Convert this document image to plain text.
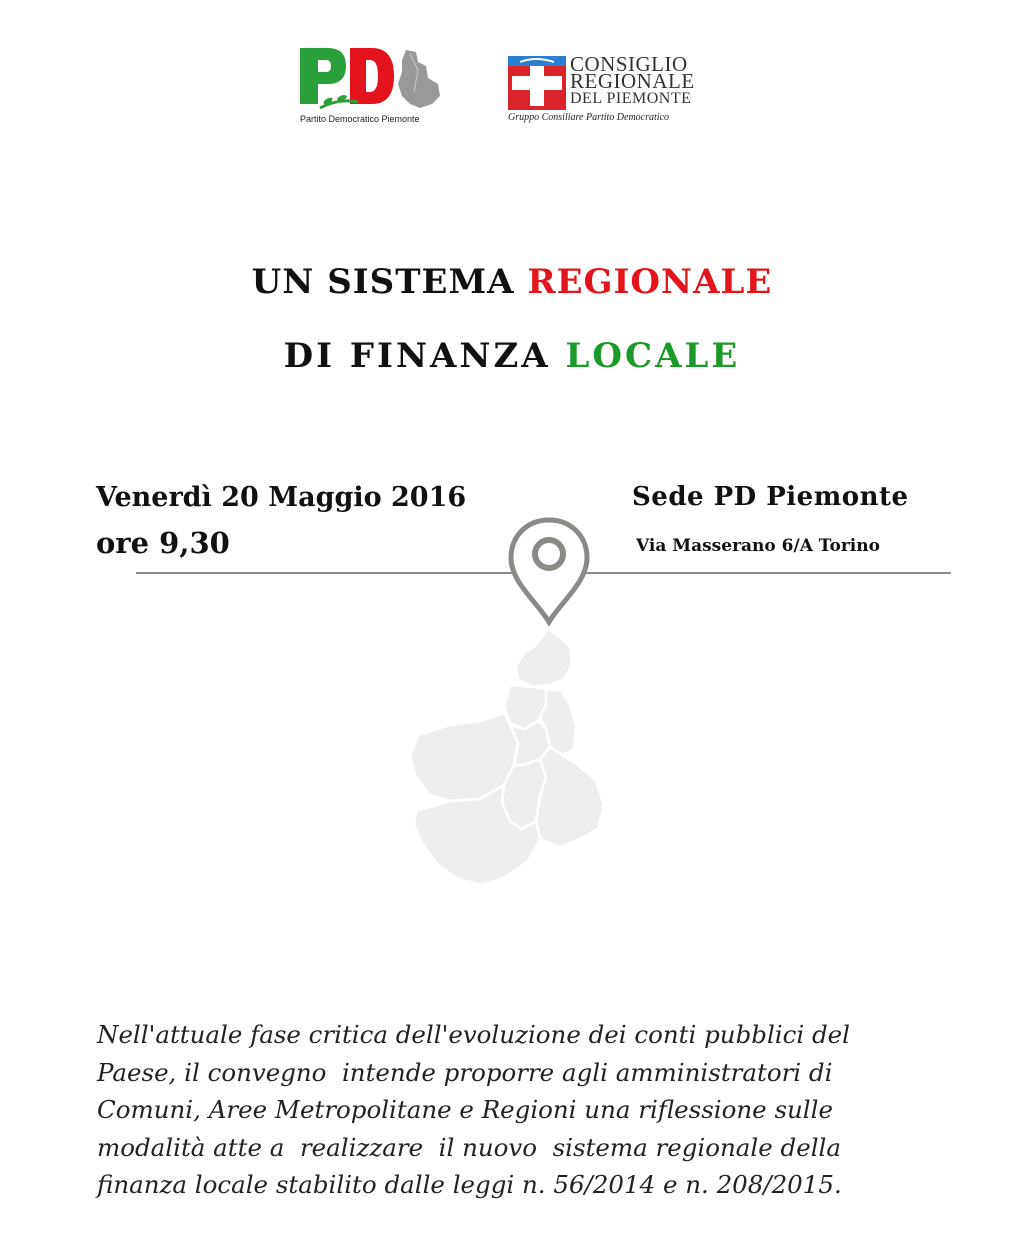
Partito Democratico Piemonte
CONSIGLIO
REGIONALE
DEL PIEMONTE
Gruppo Consiliare Partito Democratico
UN SISTEMA REGIONALE
DI FINANZA LOCALE
Venerdì 20 Maggio 2016
ore 9,30
Sede PD Piemonte
Via Masserano 6/A Torino
Nell'attuale fase critica dell'evoluzione dei conti pubblici del
Paese, il convegno  intende proporre agli amministratori di
Comuni, Aree Metropolitane e Regioni una riflessione sulle
modalità atte a  realizzare  il nuovo  sistema regionale della
finanza locale stabilito dalle leggi n. 56/2014 e n. 208/2015.
